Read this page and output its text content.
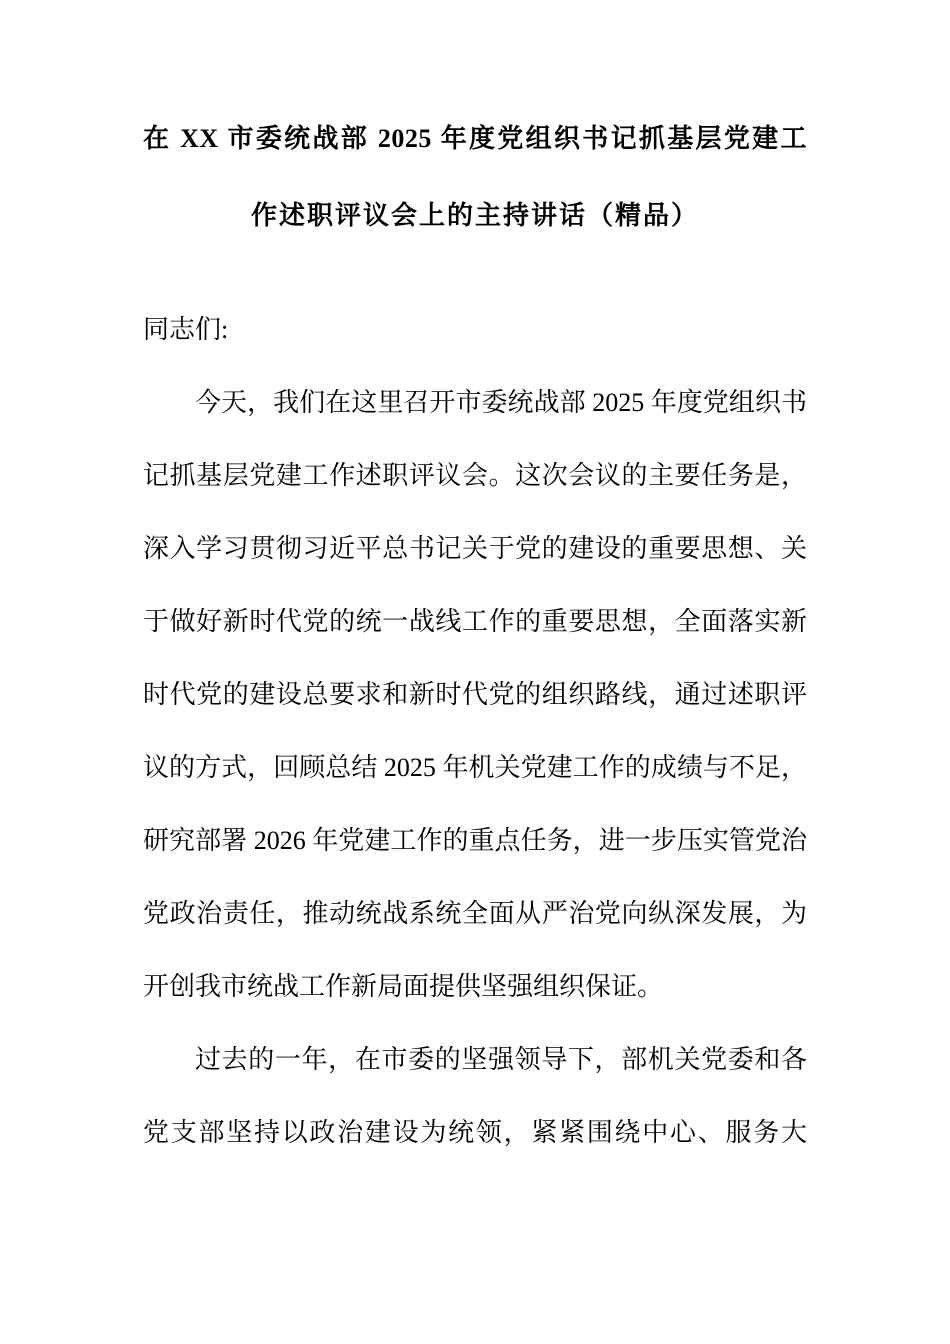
在 XX 市委统战部 2025 年度党组织书记抓基层党建工
作述职评议会上的主持讲话（精品）
同志们:
今天，我们在这里召开市委统战部 2025 年度党组织书
记抓基层党建工作述职评议会。这次会议的主要任务是，
深入学习贯彻习近平总书记关于党的建设的重要思想、关
于做好新时代党的统一战线工作的重要思想，全面落实新
时代党的建设总要求和新时代党的组织路线，通过述职评
议的方式，回顾总结 2025 年机关党建工作的成绩与不足，
研究部署 2026 年党建工作的重点任务，进一步压实管党治
党政治责任，推动统战系统全面从严治党向纵深发展，为
开创我市统战工作新局面提供坚强组织保证。
过去的一年，在市委的坚强领导下，部机关党委和各
党支部坚持以政治建设为统领，紧紧围绕中心、服务大
